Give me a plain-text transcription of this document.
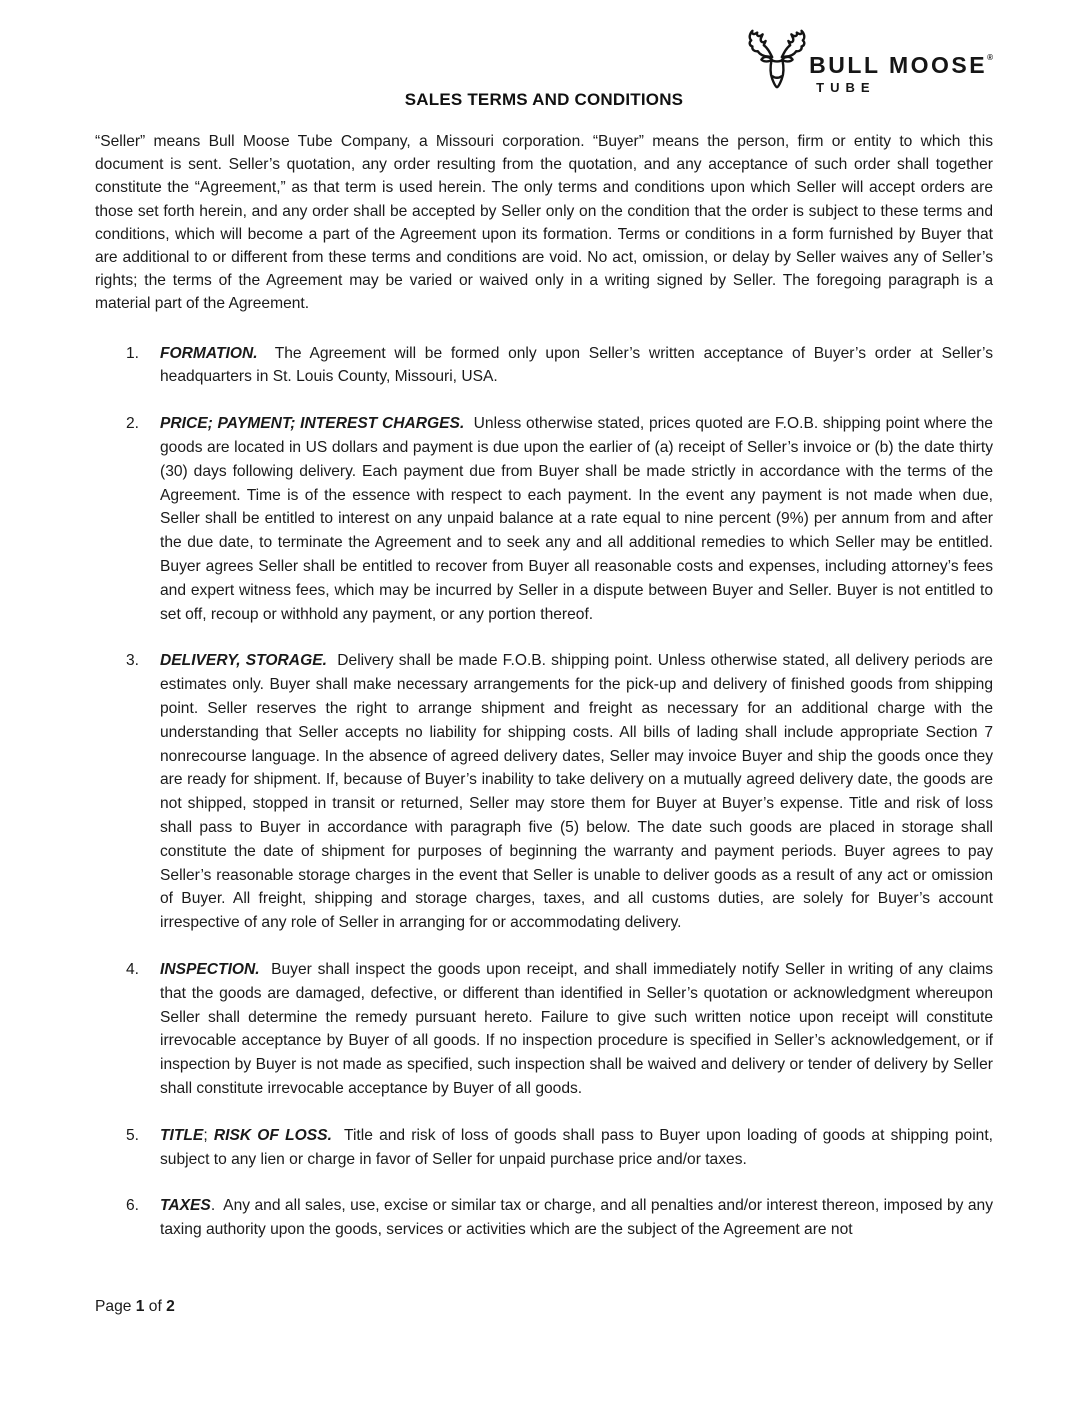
BULL MOOSE®
TUBE
SALES TERMS AND CONDITIONS

“Seller” means Bull Moose Tube Company, a Missouri corporation. “Buyer” means the person, firm or entity to which this document is sent. Seller’s quotation, any order resulting from the quotation, and any acceptance of such order shall together constitute the “Agreement,” as that term is used herein. The only terms and conditions upon which Seller will accept orders are those set forth herein, and any order shall be accepted by Seller only on the condition that the order is subject to these terms and conditions, which will become a part of the Agreement upon its formation. Terms or conditions in a form furnished by Buyer that are additional to or different from these terms and conditions are void. No act, omission, or delay by Seller waives any of Seller’s rights; the terms of the Agreement may be varied or waived only in a writing signed by Seller. The foregoing paragraph is a material part of the Agreement.

1.	FORMATION.  The Agreement will be formed only upon Seller’s written acceptance of Buyer’s order at Seller’s headquarters in St. Louis County, Missouri, USA.
2.	PRICE; PAYMENT; INTEREST CHARGES.  Unless otherwise stated, prices quoted are F.O.B. shipping point where the goods are located in US dollars and payment is due upon the earlier of (a) receipt of Seller’s invoice or (b) the date thirty (30) days following delivery. Each payment due from Buyer shall be made strictly in accordance with the terms of the Agreement. Time is of the essence with respect to each payment. In the event any payment is not made when due, Seller shall be entitled to interest on any unpaid balance at a rate equal to nine percent (9%) per annum from and after the due date, to terminate the Agreement and to seek any and all additional remedies to which Seller may be entitled. Buyer agrees Seller shall be entitled to recover from Buyer all reasonable costs and expenses, including attorney’s fees and expert witness fees, which may be incurred by Seller in a dispute between Buyer and Seller. Buyer is not entitled to set off, recoup or withhold any payment, or any portion thereof.
3.	DELIVERY, STORAGE.  Delivery shall be made F.O.B. shipping point. Unless otherwise stated, all delivery periods are estimates only. Buyer shall make necessary arrangements for the pick-up and delivery of finished goods from shipping point. Seller reserves the right to arrange shipment and freight as necessary for an additional charge with the understanding that Seller accepts no liability for shipping costs. All bills of lading shall include appropriate Section 7 nonrecourse language. In the absence of agreed delivery dates, Seller may invoice Buyer and ship the goods once they are ready for shipment. If, because of Buyer’s inability to take delivery on a mutually agreed delivery date, the goods are not shipped, stopped in transit or returned, Seller may store them for Buyer at Buyer’s expense. Title and risk of loss shall pass to Buyer in accordance with paragraph five (5) below. The date such goods are placed in storage shall constitute the date of shipment for purposes of beginning the warranty and payment periods. Buyer agrees to pay Seller’s reasonable storage charges in the event that Seller is unable to deliver goods as a result of any act or omission of Buyer. All freight, shipping and storage charges, taxes, and all customs duties, are solely for Buyer’s account irrespective of any role of Seller in arranging for or accommodating delivery.
4.	INSPECTION.  Buyer shall inspect the goods upon receipt, and shall immediately notify Seller in writing of any claims that the goods are damaged, defective, or different than identified in Seller’s quotation or acknowledgment whereupon Seller shall determine the remedy pursuant hereto. Failure to give such written notice upon receipt will constitute irrevocable acceptance by Buyer of all goods. If no inspection procedure is specified in Seller’s acknowledgement, or if inspection by Buyer is not made as specified, such inspection shall be waived and delivery or tender of delivery by Seller shall constitute irrevocable acceptance by Buyer of all goods.
5.	TITLE; RISK OF LOSS.  Title and risk of loss of goods shall pass to Buyer upon loading of goods at shipping point, subject to any lien or charge in favor of Seller for unpaid purchase price and/or taxes.
6.	TAXES.  Any and all sales, use, excise or similar tax or charge, and all penalties and/or interest thereon, imposed by any taxing authority upon the goods, services or activities which are the subject of the Agreement are not
Page 1 of 2
